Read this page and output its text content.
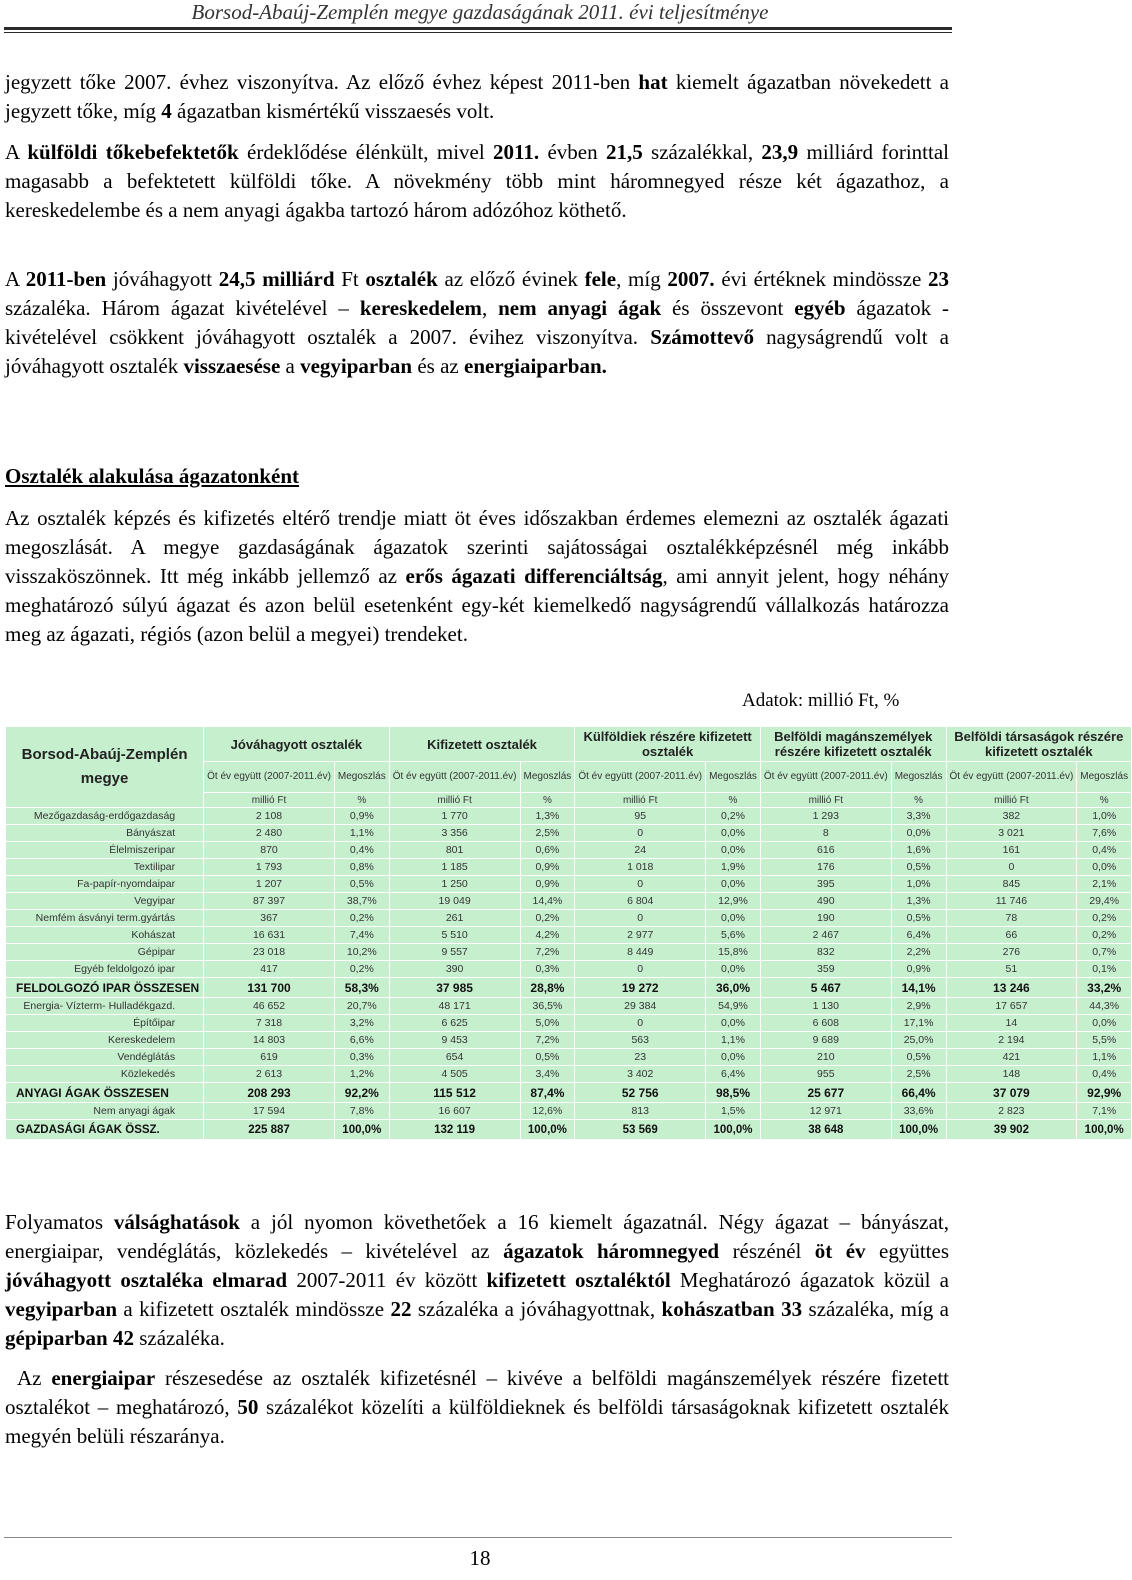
Borsod-Abaúj-Zemplén megye gazdaságának 2011. évi teljesítménye
jegyzett tőke 2007. évhez viszonyítva. Az előző évhez képest 2011-ben hat kiemelt ágazatban növekedett a jegyzett tőke, míg 4 ágazatban kismértékű visszaesés volt.
A külföldi tőkebefektetők érdeklődése élénkült, mivel 2011. évben 21,5 százalékkal, 23,9 milliárd forinttal magasabb a befektetett külföldi tőke. A növekmény több mint háromnegyed része két ágazathoz, a kereskedelembe és a nem anyagi ágakba tartozó három adózóhoz köthető.
A 2011-ben jóváhagyott 24,5 milliárd Ft osztalék az előző évinek fele, míg 2007. évi értéknek mindössze 23 százaléka. Három ágazat kivételével – kereskedelem, nem anyagi ágak és összevont egyéb ágazatok - kivételével csökkent jóváhagyott osztalék a 2007. évihez viszonyítva. Számottevő nagyságrendű volt a jóváhagyott osztalék visszaesése a vegyiparban és az energiaiparban.
Osztalék alakulása ágazatonként
Az osztalék képzés és kifizetés eltérő trendje miatt öt éves időszakban érdemes elemezni az osztalék ágazati megoszlását. A megye gazdaságának ágazatok szerinti sajátosságai osztalékképzésnél még inkább visszaköszönnek. Itt még inkább jellemző az erős ágazati differenciáltság, ami annyit jelent, hogy néhány meghatározó súlyú ágazat és azon belül esetenként egy-két kiemelkedő nagyságrendű vállalkozás határozza meg az ágazati, régiós (azon belül a megyei) trendeket.
Adatok: millió Ft, %
Borsod-Abaúj-Zemplén megye	Jóváhagyott osztalék		Kifizetett osztalék		Külföldiek részére kifizetett osztalék		Belföldi magánszemélyek részére kifizetett osztalék		Belföldi társaságok részére kifizetett osztalék	
	Öt év együtt (2007-2011.év)	Megoszlás	Öt év együtt (2007-2011.év)	Megoszlás	Öt év együtt (2007-2011.év)	Megoszlás	Öt év együtt (2007-2011.év)	Megoszlás	Öt év együtt (2007-2011.év)	Megoszlás
	millió Ft	%	millió Ft	%	millió Ft	%	millió Ft	%	millió Ft	%
Mezőgazdaság-erdőgazdaság	2 108	0,9%	1 770	1,3%	95	0,2%	1 293	3,3%	382	1,0%
Bányászat	2 480	1,1%	3 356	2,5%	0	0,0%	8	0,0%	3 021	7,6%
Élelmiszeripar	870	0,4%	801	0,6%	24	0,0%	616	1,6%	161	0,4%
Textilipar	1 793	0,8%	1 185	0,9%	1 018	1,9%	176	0,5%	0	0,0%
Fa-papír-nyomdaipar	1 207	0,5%	1 250	0,9%	0	0,0%	395	1,0%	845	2,1%
Vegyipar	87 397	38,7%	19 049	14,4%	6 804	12,9%	490	1,3%	11 746	29,4%
Nemfém ásványi term.gyártás	367	0,2%	261	0,2%	0	0,0%	190	0,5%	78	0,2%
Kohászat	16 631	7,4%	5 510	4,2%	2 977	5,6%	2 467	6,4%	66	0,2%
Gépipar	23 018	10,2%	9 557	7,2%	8 449	15,8%	832	2,2%	276	0,7%
Egyéb feldolgozó ipar	417	0,2%	390	0,3%	0	0,0%	359	0,9%	51	0,1%
FELDOLGOZÓ IPAR ÖSSZESEN	131 700	58,3%	37 985	28,8%	19 272	36,0%	5 467	14,1%	13 246	33,2%
Energia- Vízterm- Hulladékgazd.	46 652	20,7%	48 171	36,5%	29 384	54,9%	1 130	2,9%	17 657	44,3%
Építőipar	7 318	3,2%	6 625	5,0%	0	0,0%	6 608	17,1%	14	0,0%
Kereskedelem	14 803	6,6%	9 453	7,2%	563	1,1%	9 689	25,0%	2 194	5,5%
Vendéglátás	619	0,3%	654	0,5%	23	0,0%	210	0,5%	421	1,1%
Közlekedés	2 613	1,2%	4 505	3,4%	3 402	6,4%	955	2,5%	148	0,4%
ANYAGI ÁGAK ÖSSZESEN	208 293	92,2%	115 512	87,4%	52 756	98,5%	25 677	66,4%	37 079	92,9%
Nem anyagi ágak	17 594	7,8%	16 607	12,6%	813	1,5%	12 971	33,6%	2 823	7,1%
GAZDASÁGI ÁGAK ÖSSZ.	225 887	100,0%	132 119	100,0%	53 569	100,0%	38 648	100,0%	39 902	100,0%
Folyamatos válsághatások a jól nyomon követhetőek a 16 kiemelt ágazatnál. Négy ágazat – bányászat, energiaipar, vendéglátás, közlekedés – kivételével az ágazatok háromnegyed részénél öt év együttes jóváhagyott osztaléka elmarad 2007-2011 év között kifizetett osztaléktól Meghatározó ágazatok közül a vegyiparban a kifizetett osztalék mindössze 22 százaléka a jóváhagyottnak, kohászatban 33 százaléka, míg a gépiparban 42 százaléka.
Az energiaipar részesedése az osztalék kifizetésnél – kivéve a belföldi magánszemélyek részére fizetett osztalékot – meghatározó, 50 százalékot közelíti a külföldieknek és belföldi társaságoknak kifizetett osztalék megyén belüli részaránya.
18
